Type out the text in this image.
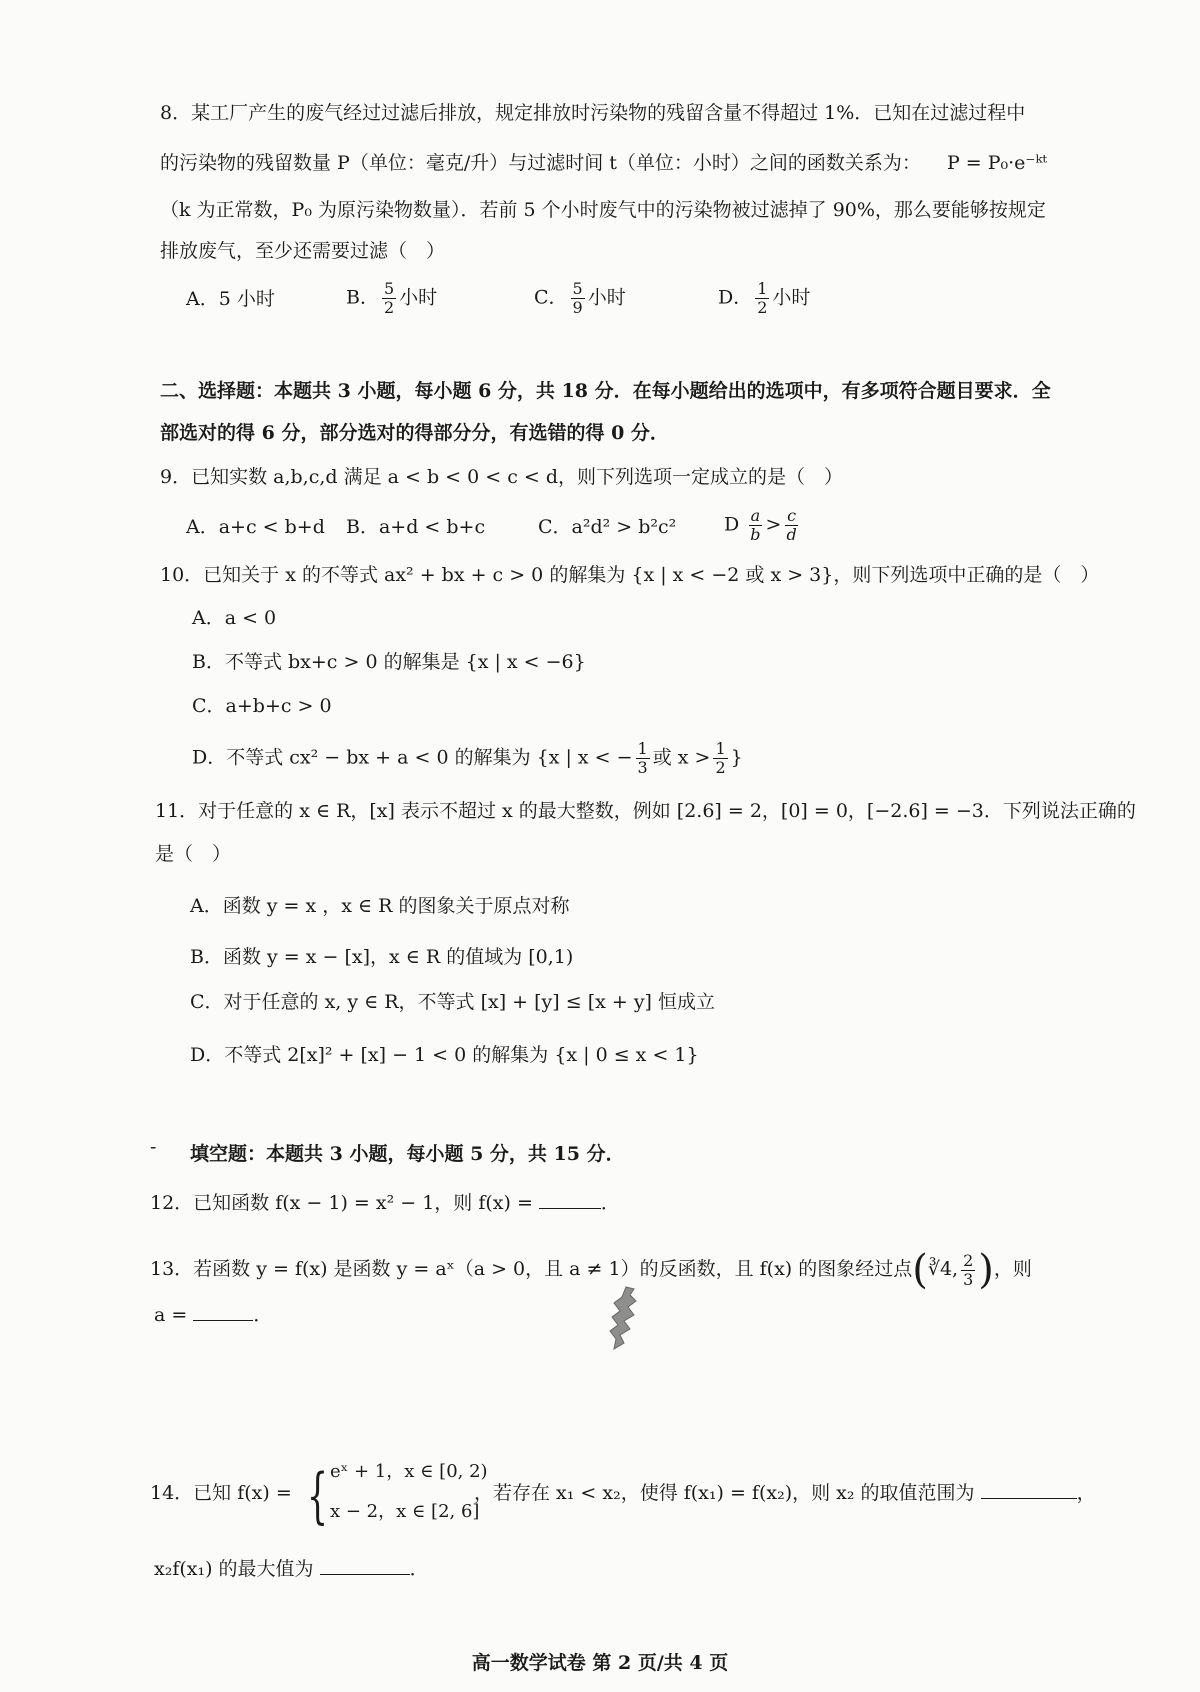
8．某工厂产生的废气经过过滤后排放，规定排放时污染物的残留含量不得超过 1%．已知在过滤过程中
的污染物的残留数量 P（单位：毫克/升）与过滤时间 t（单位：小时）之间的函数关系为： P = P₀·e⁻ᵏᵗ
（k 为正常数，P₀ 为原污染物数量）．若前 5 个小时废气中的污染物被过滤掉了 90%，那么要能够按规定
排放废气，至少还需要过滤（　）
A．5 小时	B． $\frac{5}{2}$ 小时	C． $\frac{5}{9}$ 小时	D． $\frac{1}{2}$ 小时
二、选择题：本题共 3 小题，每小题 6 分，共 18 分．在每小题给出的选项中，有多项符合题目要求．全
部选对的得 6 分，部分选对的得部分分，有选错的得 0 分．
9．已知实数 a,b,c,d 满足 a < b < 0 < c < d，则下列选项一定成立的是（　）
A．a+c < b+d B．a+d < b+c	C．a²d² > b²c²	D $\frac{a}{b} > \frac{c}{d}$
10．已知关于 x 的不等式 ax² + bx + c > 0 的解集为 {x | x < −2 或 x > 3}，则下列选项中正确的是（　）
A．a < 0
B．不等式 bx+c > 0 的解集是 {x | x < −6}
C．a+b+c > 0
D．不等式 cx² − bx + a < 0 的解集为 {x | x < − $\frac{1}{3}$ 或 $x > \frac{1}{2}$ }
11．对于任意的 x ∈ R，[x] 表示不超过 x 的最大整数，例如 [2.6] = 2，[0] = 0，[−2.6] = −3．下列说法正确的
是（　）
A．函数 y = x ，x ∈ R 的图象关于原点对称
B．函数 y = x − [x]，x ∈ R 的值域为 [0,1)
C．对于任意的 x, y ∈ R，不等式 [x] + [y] ≤ [x + y] 恒成立
D．不等式 2[x]² + [x] − 1 < 0 的解集为 {x | 0 ≤ x < 1}
- 填空题：本题共 3 小题，每小题 5 分，共 15 分．
12．已知函数 f(x − 1) = x² − 1，则 f(x) =	．
13．若函数 y = f(x) 是函数 y = aˣ（a > 0，且 a ≠ 1）的反函数，且 f(x) 的图象经过点(∛4, $\frac{2}{3}$ )，则
a =	．
14．已知 f(x) = { eˣ + 1，x ∈ [0, 2)
x − 2，x ∈ [2, 6]
，若存在 x₁ < x₂，使得 f(x₁) = f(x₂)，则 x₂ 的取值范围为	，
x₂f(x₁) 的最大值为	．
高一数学试卷 第 2 页/共 4 页
